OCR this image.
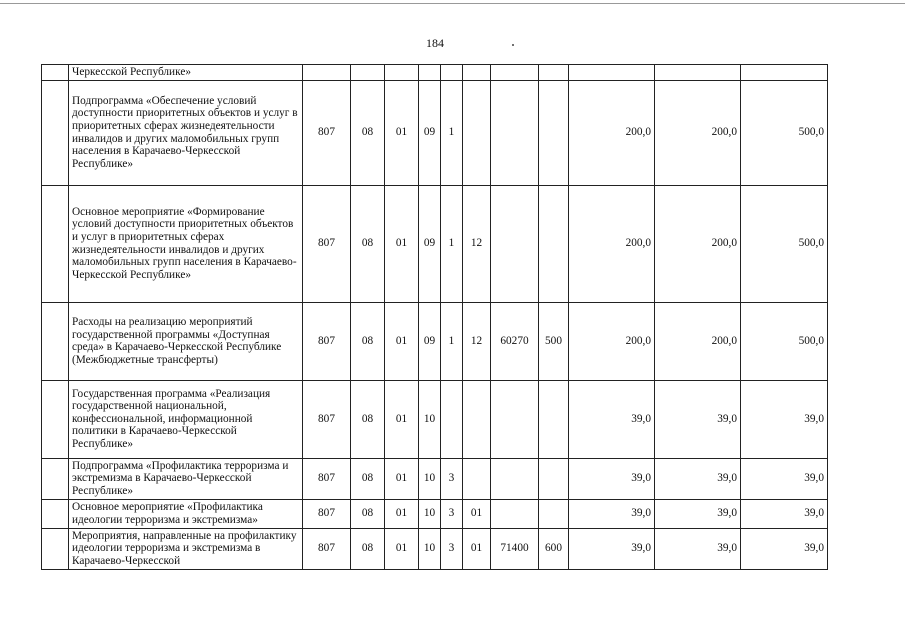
184
	Черкесской Республике»											
	Подпрограмма «Обеспечение условий доступности приоритетных объектов и услуг в приоритетных сферах жизнедеятельности инвалидов и других маломобильных групп населения в Карачаево-Черкесской Республике»	807	08	01	09	1				200,0	200,0	500,0
	Основное мероприятие «Формирование условий доступности приоритетных объектов и услуг в приоритетных сферах жизнедеятельности инвалидов и других маломобильных групп населения в Карачаево-Черкесской Республике»	807	08	01	09	1	12			200,0	200,0	500,0
	Расходы на реализацию мероприятий государственной программы «Доступная среда» в Карачаево-Черкесской Республике (Межбюджетные трансферты)	807	08	01	09	1	12	60270	500	200,0	200,0	500,0
	Государственная программа «Реализация государственной национальной, конфессиональной, информационной политики в Карачаево-Черкесской Республике»	807	08	01	10					39,0	39,0	39,0
	Подпрограмма «Профилактика терроризма и экстремизма в Карачаево-Черкесской Республике»	807	08	01	10	3				39,0	39,0	39,0
	Основное мероприятие «Профилактика идеологии терроризма и экстремизма»	807	08	01	10	3	01			39,0	39,0	39,0
	Мероприятия, направленные на профилактику идеологии терроризма и экстремизма в Карачаево-Черкесской	807	08	01	10	3	01	71400	600	39,0	39,0	39,0
